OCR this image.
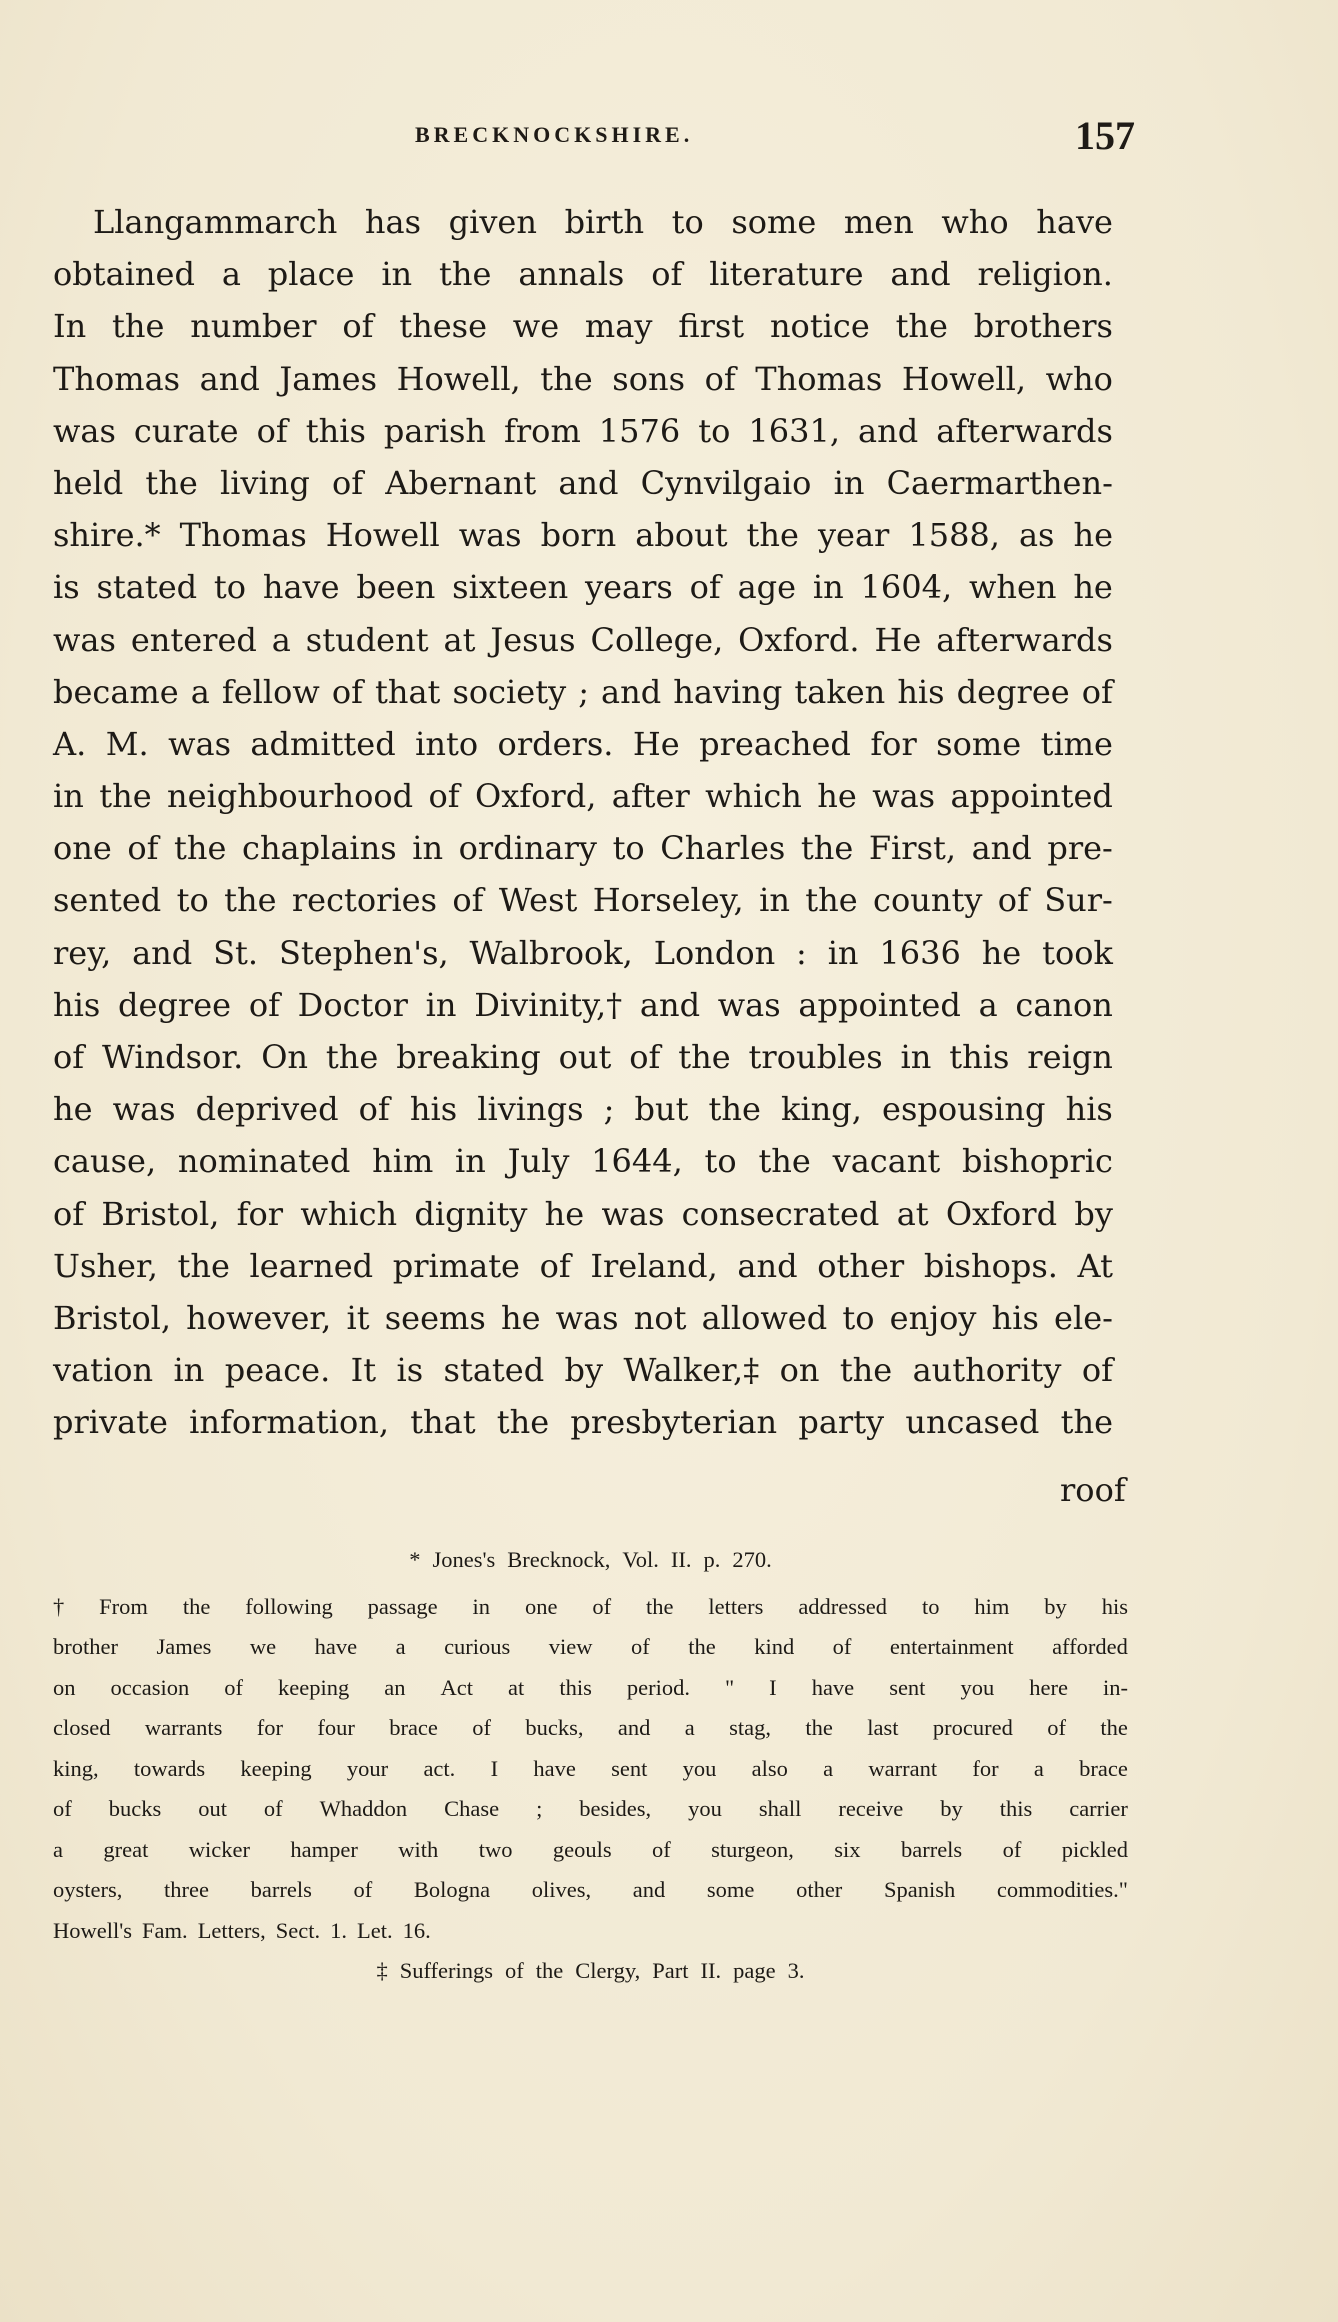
BRECKNOCKSHIRE.	157
Llangammarch has given birth to some men who have
obtained a place in the annals of literature and religion.
In the number of these we may first notice the brothers
Thomas and James Howell, the sons of Thomas Howell, who
was curate of this parish from 1576 to 1631, and afterwards
held the living of Abernant and Cynvilgaio in Caermarthen-
shire.* Thomas Howell was born about the year 1588, as he
is stated to have been sixteen years of age in 1604, when he
was entered a student at Jesus College, Oxford. He afterwards
became a fellow of that society ; and having taken his degree of
A. M. was admitted into orders. He preached for some time
in the neighbourhood of Oxford, after which he was appointed
one of the chaplains in ordinary to Charles the First, and pre-
sented to the rectories of West Horseley, in the county of Sur-
rey, and St. Stephen's, Walbrook, London : in 1636 he took
his degree of Doctor in Divinity,† and was appointed a canon
of Windsor. On the breaking out of the troubles in this reign
he was deprived of his livings ; but the king, espousing his
cause, nominated him in July 1644, to the vacant bishopric
of Bristol, for which dignity he was consecrated at Oxford by
Usher, the learned primate of Ireland, and other bishops. At
Bristol, however, it seems he was not allowed to enjoy his ele-
vation in peace. It is stated by Walker,‡ on the authority of
private information, that the presbyterian party uncased the
roof
* Jones's Brecknock, Vol. II. p. 270.
† From the following passage in one of the letters addressed to him by his
brother James we have a curious view of the kind of entertainment afforded
on occasion of keeping an Act at this period. " I have sent you here in-
closed warrants for four brace of bucks, and a stag, the last procured of the
king, towards keeping your act. I have sent you also a warrant for a brace
of bucks out of Whaddon Chase ; besides, you shall receive by this carrier
a great wicker hamper with two geouls of sturgeon, six barrels of pickled
oysters, three barrels of Bologna olives, and some other Spanish commodities."
Howell's Fam. Letters, Sect. 1. Let. 16.
‡ Sufferings of the Clergy, Part II. page 3.
